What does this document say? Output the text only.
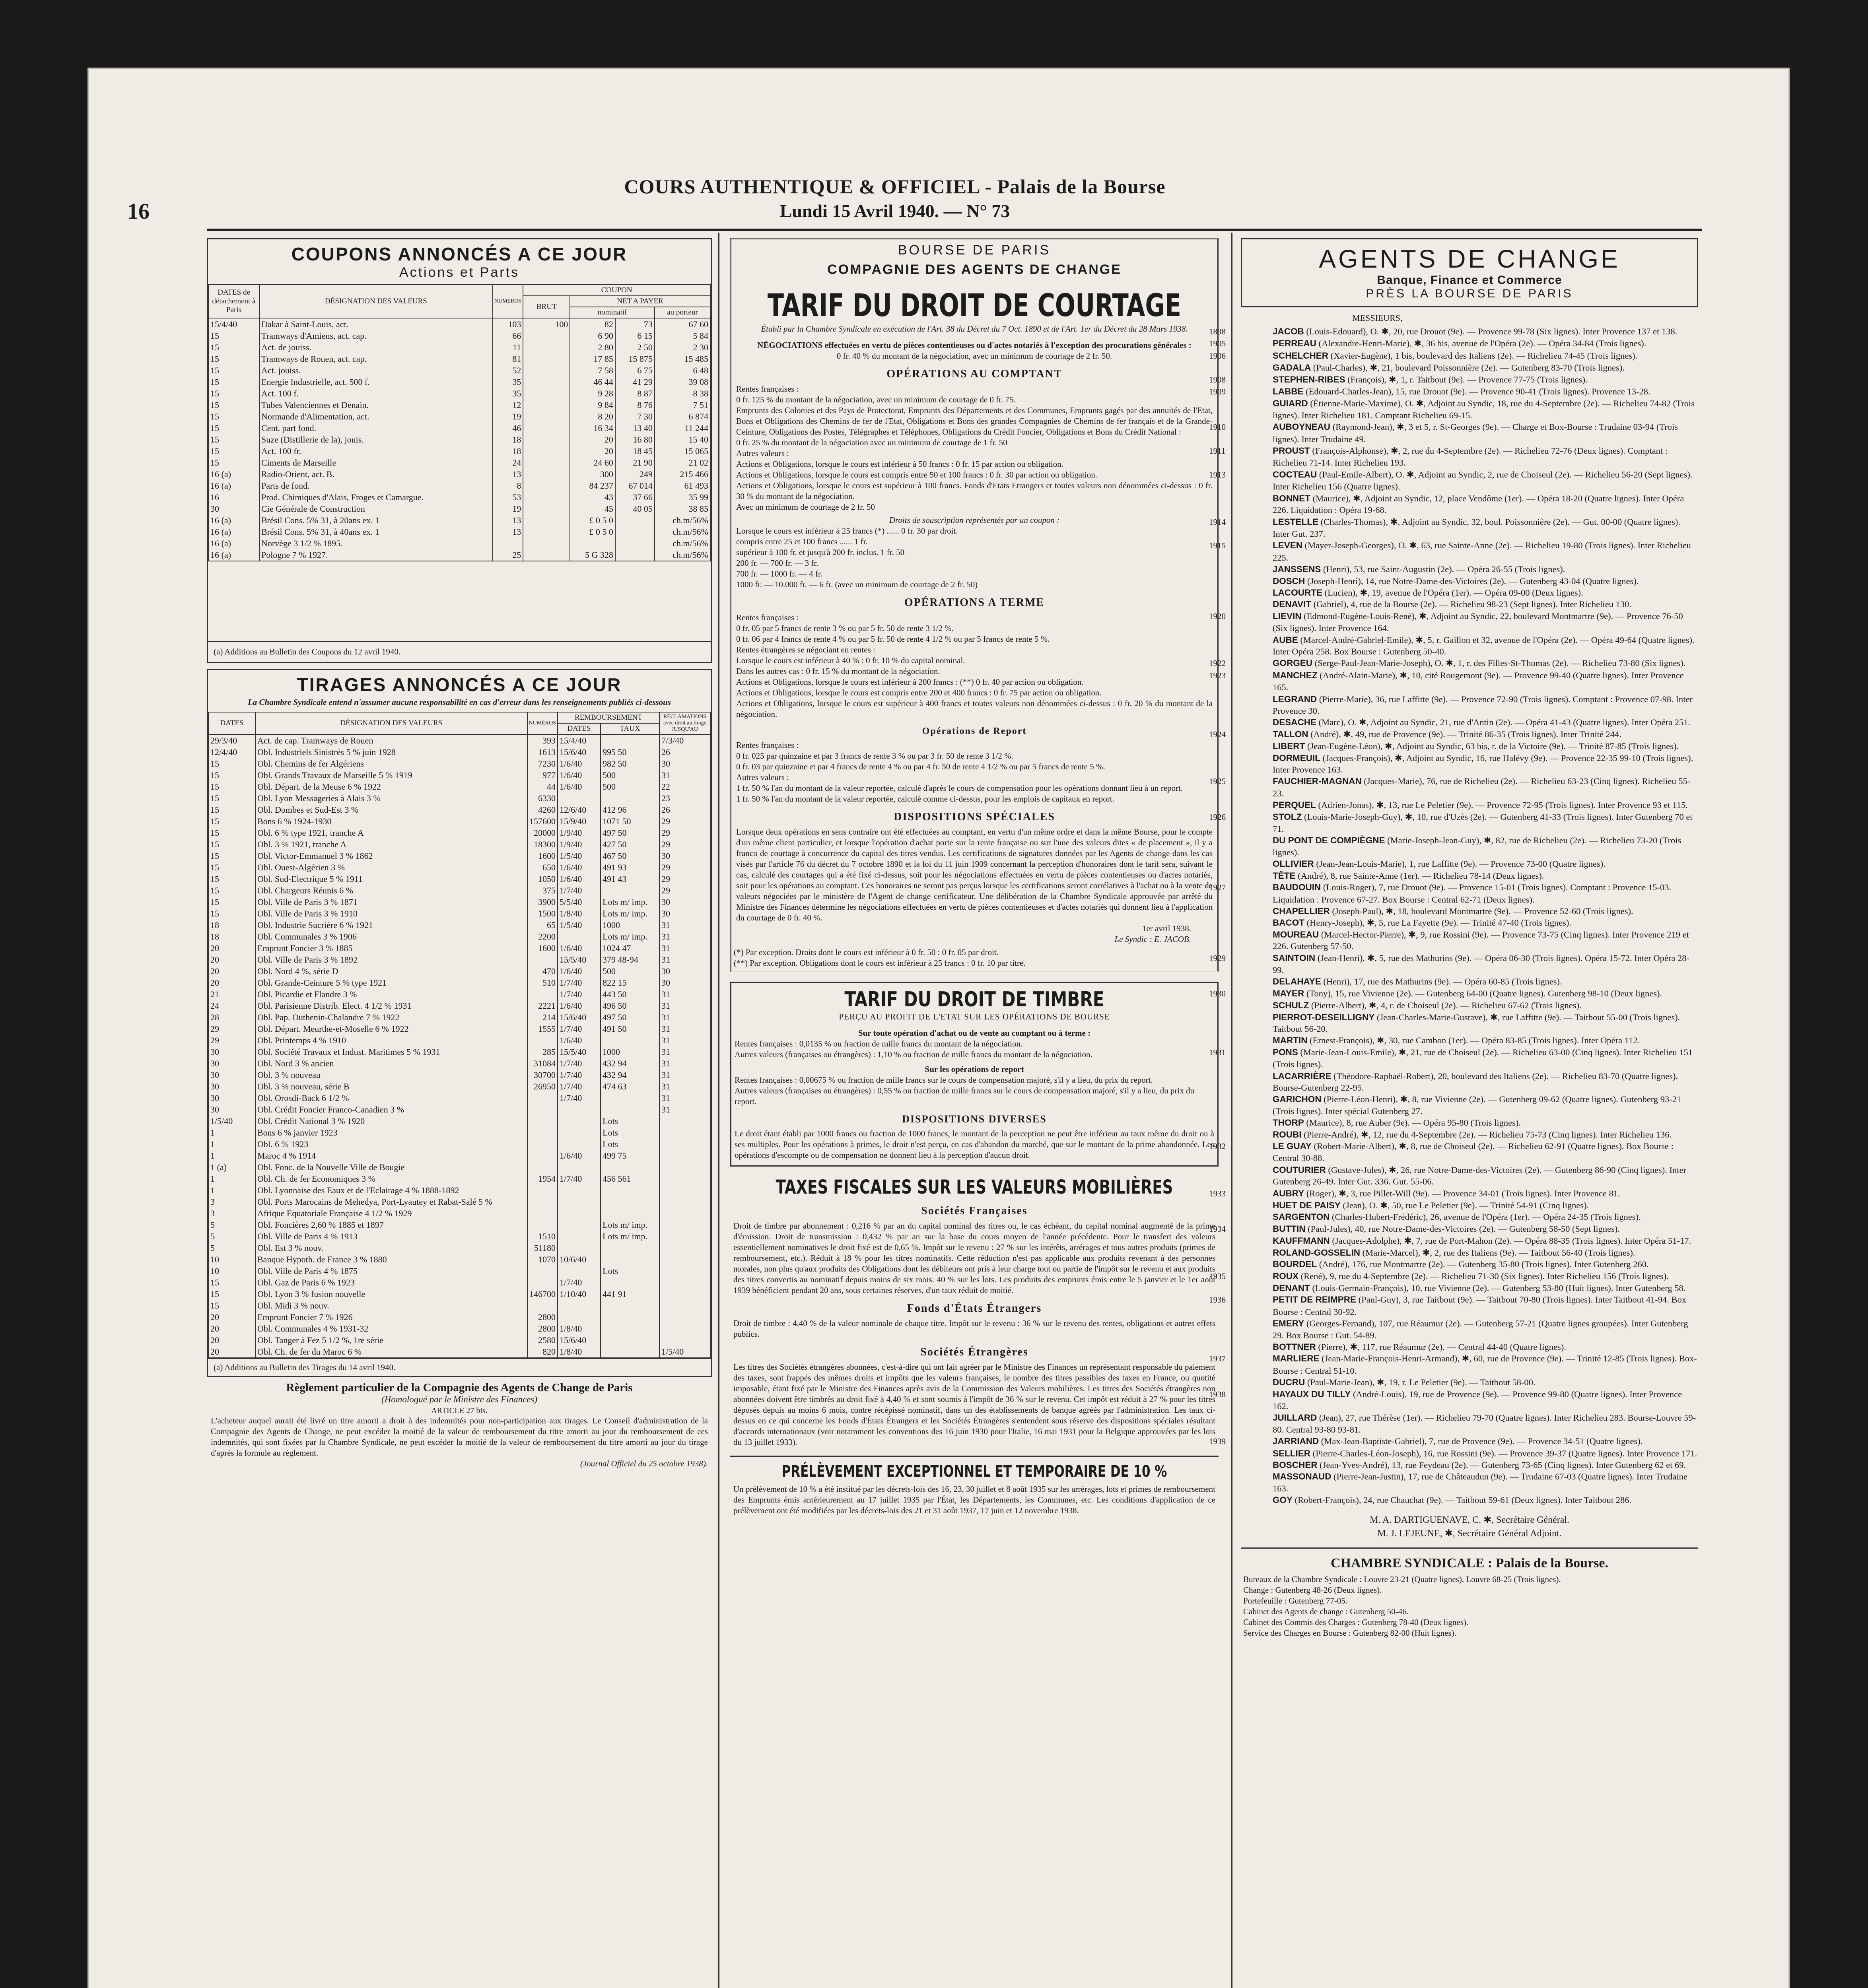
16
COURS AUTHENTIQUE & OFFICIEL - Palais de la Bourse
Lundi 15 Avril 1940. — N° 73
COUPONS ANNONCÉS A CE JOUR
Actions et Parts
DATES de détachement à Paris	DÉSIGNATION DES VALEURS	NUMÉROS	COUPON			
			BRUT	NET A PAYER		
				nominatif		au porteur
15/4/40	Dakar à Saint-Louis, act.	103	100	82	73	67 60
15	Tramways d'Amiens, act. cap.	66		6 90	6 15	5 84
15	Act. de jouiss.	11		2 80	2 50	2 30
15	Tramways de Rouen, act. cap.	81		17 85	15 875	15 485
15	Act. jouiss.	52		7 58	6 75	6 48
15	Energie Industrielle, act. 500 f.	35		46 44	41 29	39 08
15	Act. 100 f.	35		9 28	8 87	8 38
15	Tubes Valenciennes et Denain.	12		9 84	8 76	7 51
15	Normande d'Alimentation, act.	19		8 20	7 30	6 874
15	Cent. part fond.	46		16 34	13 40	11 244
15	Suze (Distillerie de la), jouis.	18		20	16 80	15 40
15	Act. 100 fr.	18		20	18 45	15 065
15	Ciments de Marseille	24		24 60	21 90	21 02
16 (a)	Radio-Orient, act. B.	13		300	249	215 466
16 (a)	Parts de fond.	8		84 237	67 014	61 493
16	Prod. Chimiques d'Alais, Froges et Camargue.	53		43	37 66	35 99
30	Cie Générale de Construction	19		45	40 05	38 85
16 (a)	Brésil Cons. 5% 31, à 20ans ex. 1	13		£ 0 5 0		ch.m/56%
16 (a)	Brésil Cons. 5% 31, à 40ans ex. 1	13		£ 0 5 0		ch.m/56%
16 (a)	Norvège 3 1/2 % 1895.					ch.m/56%
16 (a)	Pologne 7 % 1927.	25		5 G 328		ch.m/56%
(a) Additions au Bulletin des Coupons du 12 avril 1940.
TIRAGES ANNONCÉS A CE JOUR
La Chambre Syndicale entend n'assumer aucune responsabilité en cas d'erreur dans les renseignements publiés ci-dessous
DATES	DÉSIGNATION DES VALEURS	NUMÉROS	REMBOURSEMENT		RÉCLAMATIONS avec droit au tirage JUSQU'AU
			DATES	TAUX	
29/3/40	Act. de cap. Tramways de Rouen	393	15/4/40		7/3/40
12/4/40	Obl. Industriels Sinistrés 5 % juin 1928	1613	15/6/40	995 50	26
15	Obl. Chemins de fer Algériens	7230	1/6/40	982 50	30
15	Obl. Grands Travaux de Marseille 5 % 1919	977	1/6/40	500	31
15	Obl. Départ. de la Meuse 6 % 1922	44	1/6/40	500	22
15	Obl. Lyon Messageries à Alais 3 %	6330			23
15	Obl. Dombes et Sud-Est 3 %	4260	12/6/40	412 96	26
15	Bons 6 % 1924-1930	157600	15/9/40	1071 50	29
15	Obl. 6 % type 1921, tranche A	20000	1/9/40	497 50	29
15	Obl. 3 % 1921, tranche A	18300	1/9/40	427 50	29
15	Obl. Victor-Emmanuel 3 % 1862	1600	1/5/40	467 50	30
15	Obl. Ouest-Algérien 3 %	650	1/6/40	491 93	29
15	Obl. Sud-Electrique 5 % 1911	1050	1/6/40	491 43	29
15	Obl. Chargeurs Réunis 6 %	375	1/7/40		29
15	Obl. Ville de Paris 3 % 1871	3900	5/5/40	Lots m/ imp.	30
15	Obl. Ville de Paris 3 % 1910	1500	1/8/40	Lots m/ imp.	30
18	Obl. Industrie Sucrière 6 % 1921	65	1/5/40	1000	31
18	Obl. Communales 3 % 1906	2200		Lots m/ imp.	31
20	Emprunt Foncier 3 % 1885	1600	1/6/40	1024 47	31
20	Obl. Ville de Paris 3 % 1892		15/5/40	379 48-94	31
20	Obl. Nord 4 %, série D	470	1/6/40	500	30
20	Obl. Grande-Ceinture 5 % type 1921	510	1/7/40	822 15	30
21	Obl. Picardie et Flandre 3 %		1/7/40	443 50	31
24	Obl. Parisienne Distrib. Elect. 4 1/2 % 1931	2221	1/6/40	496 50	31
28	Obl. Pap. Outhenin-Chalandre 7 % 1922	214	15/6/40	497 50	31
29	Obl. Départ. Meurthe-et-Moselle 6 % 1922	1555	1/7/40	491 50	31
29	Obl. Printemps 4 % 1910		1/6/40		31
30	Obl. Société Travaux et Indust. Maritimes 5 % 1931	285	15/5/40	1000	31
30	Obl. Nord 3 % ancien	31084	1/7/40	432 94	31
30	Obl. 3 % nouveau	30700	1/7/40	432 94	31
30	Obl. 3 % nouveau, série B	26950	1/7/40	474 63	31
30	Obl. Orosdi-Back 6 1/2 %		1/7/40		31
30	Obl. Crédit Foncier Franco-Canadien 3 %				31
1/5/40	Obl. Crédit National 3 % 1920			Lots	
1	Bons 6 % janvier 1923			Lots	
1	Obl. 6 % 1923			Lots	
1	Maroc 4 % 1914		1/6/40	499 75	
1 (a)	Obl. Fonc. de la Nouvelle Ville de Bougie				
1	Obl. Ch. de fer Economiques 3 %	1954	1/7/40	456 561	
1	Obl. Lyonnaise des Eaux et de l'Eclairage 4 % 1888-1892				
3	Obl. Ports Marocains de Mehedya, Port-Lyautey et Rabat-Salé 5 %				
3	Afrique Equatoriale Française 4 1/2 % 1929				
5	Obl. Foncières 2,60 % 1885 et 1897			Lots m/ imp.	
5	Obl. Ville de Paris 4 % 1913	1510		Lots m/ imp.	
5	Obl. Est 3 % nouv.	51180			
10	Banque Hypoth. de France 3 % 1880	1070	10/6/40		
10	Obl. Ville de Paris 4 % 1875			Lots	
15	Obl. Gaz de Paris 6 % 1923		1/7/40		
15	Obl. Lyon 3 % fusion nouvelle	146700	1/10/40	441 91	
15	Obl. Midi 3 % nouv.				
20	Emprunt Foncier 7 % 1926	2800			
20	Obl. Communales 4 % 1931-32	2800	1/8/40		
20	Obl. Tanger à Fez 5 1/2 %, 1re série	2580	15/6/40		
20	Obl. Ch. de fer du Maroc 6 %	820	1/8/40		1/5/40
(a) Additions au Bulletin des Tirages du 14 avril 1940.
Règlement particulier de la Compagnie des Agents de Change de Paris
(Homologué par le Ministre des Finances)
ARTICLE 27 bis.
L'acheteur auquel aurait été livré un titre amorti a droit à des indemnités pour non-participation aux tirages. Le Conseil d'administration de la Compagnie des Agents de Change, ne peut excéder la moitié de la valeur de remboursement du titre amorti au jour du remboursement de ces indemnités, qui sont fixées par la Chambre Syndicale, ne peut excéder la moitié de la valeur de remboursement du titre amorti au jour du tirage d'après la formule au règlement.
(Journal Officiel du 25 octobre 1938).
BOURSE DE PARIS
COMPAGNIE DES AGENTS DE CHANGE
TARIF DU DROIT DE COURTAGE
Établi par la Chambre Syndicale en exécution de l'Art. 38 du Décret du 7 Oct. 1890 et de l'Art. 1er du Décret du 28 Mars 1938.
NÉGOCIATIONS effectuées en vertu de pièces contentieuses ou d'actes notariés à l'exception des procurations générales :
0 fr. 40 % du montant de la négociation, avec un minimum de courtage de 2 fr. 50.
OPÉRATIONS AU COMPTANT
Rentes françaises :
0 fr. 125 % du montant de la négociation, avec un minimum de courtage de 0 fr. 75.
Emprunts des Colonies et des Pays de Protectorat, Emprunts des Départements et des Communes, Emprunts gagés par des annuités de l'Etat, Bons et Obligations des Chemins de fer de l'Etat, Obligations et Bons des grandes Compagnies de Chemins de fer français et de la Grande-Ceinture, Obligations des Postes, Télégraphes et Téléphones, Obligations du Crédit Foncier, Obligations et Bons du Crédit National :
0 fr. 25 % du montant de la négociation avec un minimum de courtage de 1 fr. 50
Autres valeurs :
Actions et Obligations, lorsque le cours est inférieur à 50 francs : 0 fr. 15 par action ou obligation.
Actions et Obligations, lorsque le cours est compris entre 50 et 100 francs : 0 fr. 30 par action ou obligation.
Actions et Obligations, lorsque le cours est supérieur à 100 francs. Fonds d'Etats Etrangers et toutes valeurs non dénommées ci-dessus : 0 fr. 30 % du montant de la négociation.
Avec un minimum de courtage de 2 fr. 50
Droits de souscription représentés par un coupon :
Lorsque le cours est inférieur à 25 francs (*) ...... 0 fr. 30 par droit.
compris entre 25 et 100 francs ...... 1 fr.
supérieur à 100 fr. et jusqu'à 200 fr. inclus. 1 fr. 50
200 fr. — 700 fr. — 3 fr.
700 fr. — 1000 fr. — 4 fr.
1000 fr. — 10.000 fr. — 6 fr. (avec un minimum de courtage de 2 fr. 50)
OPÉRATIONS A TERME
Rentes françaises :
0 fr. 05 par 5 francs de rente 3 % ou par 5 fr. 50 de rente 3 1/2 %.
0 fr. 06 par 4 francs de rente 4 % ou par 5 fr. 50 de rente 4 1/2 % ou par 5 francs de rente 5 %.
Rentes étrangères se négociant en rentes :
Lorsque le cours est inférieur à 40 % : 0 fr. 10 % du capital nominal.
Dans les autres cas : 0 fr. 15 % du montant de la négociation.
Actions et Obligations, lorsque le cours est inférieur à 200 francs : (**) 0 fr. 40 par action ou obligation.
Actions et Obligations, lorsque le cours est compris entre 200 et 400 francs : 0 fr. 75 par action ou obligation.
Actions et Obligations, lorsque le cours est supérieur à 400 francs et toutes valeurs non dénommées ci-dessus : 0 fr. 20 % du montant de la négociation.
Opérations de Report
Rentes françaises :
0 fr. 025 par quinzaine et par 3 francs de rente 3 % ou par 3 fr. 50 de rente 3 1/2 %.
0 fr. 03 par quinzaine et par 4 francs de rente 4 % ou par 4 fr. 50 de rente 4 1/2 % ou par 5 francs de rente 5 %.
Autres valeurs :
1 fr. 50 % l'an du montant de la valeur reportée, calculé d'après le cours de compensation pour les opérations donnant lieu à un report.
1 fr. 50 % l'an du montant de la valeur reportée, calculé comme ci-dessus, pour les emplois de capitaux en report.
DISPOSITIONS SPÉCIALES
Lorsque deux opérations en sens contraire ont été effectuées au comptant, en vertu d'un même ordre et dans la même Bourse, pour le compte d'un même client particulier, et lorsque l'opération d'achat porte sur la rente française ou sur l'une des valeurs dites « de placement », il y a franco de courtage à concurrence du capital des titres vendus. Les certifications de signatures données par les Agents de change dans les cas visés par l'article 76 du décret du 7 octobre 1890 et la loi du 11 juin 1909 concernant la perception d'honoraires dont le tarif sera, suivant le cas, calculé des courtages qui a été fixé ci-dessus, soit pour les négociations effectuées en vertu de pièces contentieuses ou d'actes notariés, soit pour les opérations au comptant. Ces honoraires ne seront pas perçus lorsque les certifications seront corrélatives à l'achat ou à la vente de valeurs négociées par le ministère de l'Agent de change certificateur. Une délibération de la Chambre Syndicale approuvée par arrêté du Ministre des Finances détermine les négociations effectuées en vertu de pièces contentieuses et d'actes notariés qui donnent lieu à l'application du courtage de 0 fr. 40 %.
1er avril 1938.
Le Syndic : E. JACOB.
(*) Par exception. Droits dont le cours est inférieur à 0 fr. 50 : 0 fr. 05 par droit.
(**) Par exception. Obligations dont le cours est inférieur à 25 francs : 0 fr. 10 par titre.
TARIF DU DROIT DE TIMBRE
PERÇU AU PROFIT DE L'ETAT SUR LES OPÉRATIONS DE BOURSE
Sur toute opération d'achat ou de vente au comptant ou à terme :
Rentes françaises : 0,0135 % ou fraction de mille francs du montant de la négociation.
Autres valeurs (françaises ou étrangères) : 1,10 % ou fraction de mille francs du montant de la négociation.
Sur les opérations de report
Rentes françaises : 0,00675 % ou fraction de mille francs sur le cours de compensation majoré, s'il y a lieu, du prix du report.
Autres valeurs (françaises ou étrangères) : 0,55 % ou fraction de mille francs sur le cours de compensation majoré, s'il y a lieu, du prix du report.
DISPOSITIONS DIVERSES
Le droit étant établi par 1000 francs ou fraction de 1000 francs, le montant de la perception ne peut être inférieur au taux même du droit ou à ses multiples. Pour les opérations à primes, le droit n'est perçu, en cas d'abandon du marché, que sur le montant de la prime abandonnée. Les opérations d'escompte ou de compensation ne donnent lieu à la perception d'aucun droit.
TAXES FISCALES SUR LES VALEURS MOBILIÈRES
Sociétés Françaises
Droit de timbre par abonnement : 0,216 % par an du capital nominal des titres ou, le cas échéant, du capital nominal augmenté de la prime d'émission. Droit de transmission : 0,432 % par an sur la base du cours moyen de l'année précédente. Pour le transfert des valeurs essentiellement nominatives le droit fixé est de 0,65 %. Impôt sur le revenu : 27 % sur les intérêts, arrérages et tous autres produits (primes de remboursement, etc.). Réduit à 18 % pour les titres nominatifs. Cette réduction n'est pas applicable aux produits revenant à des personnes morales, non plus qu'aux produits des Obligations dont les débiteurs ont pris à leur charge tout ou partie de l'impôt sur le revenu et aux produits des titres convertis au nominatif depuis moins de six mois. 40 % sur les lots. Les produits des emprunts émis entre le 5 janvier et le 1er août 1939 bénéficient pendant 20 ans, sous certaines réserves, d'un taux réduit de moitié.
Fonds d'États Étrangers
Droit de timbre : 4,40 % de la valeur nominale de chaque titre. Impôt sur le revenu : 36 % sur le revenu des rentes, obligations et autres effets publics.
Sociétés Étrangères
Les titres des Sociétés étrangères abonnées, c'est-à-dire qui ont fait agréer par le Ministre des Finances un représentant responsable du paiement des taxes, sont frappés des mêmes droits et impôts que les valeurs françaises, le nombre des titres passibles des taxes en France, ou quotité imposable, étant fixé par le Ministre des Finances après avis de la Commission des Valeurs mobilières. Les titres des Sociétés étrangères non abonnées doivent être timbrés au droit fixé à 4,40 % et sont soumis à l'impôt de 36 % sur le revenu. Cet impôt est réduit à 27 % pour les titres déposés depuis au moins 6 mois, contre récépissé nominatif, dans un des établissements de banque agréés par l'administration. Les taux ci-dessus en ce qui concerne les Fonds d'États Étrangers et les Sociétés Étrangères s'entendent sous réserve des dispositions spéciales résultant d'accords internationaux (voir notamment les conventions des 16 juin 1930 pour l'Italie, 16 mai 1931 pour la Belgique approuvées par les lois du 13 juillet 1933).
PRÉLÈVEMENT EXCEPTIONNEL ET TEMPORAIRE DE 10 %
Un prélèvement de 10 % a été institué par les décrets-lois des 16, 23, 30 juillet et 8 août 1935 sur les arrérages, lots et primes de remboursement des Emprunts émis antérieurement au 17 juillet 1935 par l'État, les Départements, les Communes, etc. Les conditions d'application de ce prélèvement ont été modifiées par les décrets-lois des 21 et 31 août 1937, 17 juin et 12 novembre 1938.
AGENTS DE CHANGE
Banque, Finance et Commerce
PRÈS LA BOURSE DE PARIS
MESSIEURS,
1898	JACOB (Louis-Edouard), O. ✱, 20, rue Drouot (9e). — Provence 99-78 (Six lignes). Inter Provence 137 et 138.
1905	PERREAU (Alexandre-Henri-Marie), ✱, 36 bis, avenue de l'Opéra (2e). — Opéra 34-84 (Trois lignes).
1906	SCHELCHER (Xavier-Eugène), 1 bis, boulevard des Italiens (2e). — Richelieu 74-45 (Trois lignes).
GADALA (Paul-Charles), ✱, 21, boulevard Poissonnière (2e). — Gutenberg 83-70 (Trois lignes).
1908	STEPHEN-RIBES (François), ✱, 1, r. Taitbout (9e). — Provence 77-75 (Trois lignes).
1909	LABBE (Edouard-Charles-Jean), 15, rue Drouot (9e). — Provence 90-41 (Trois lignes). Provence 13-28.
GUIARD (Étienne-Marie-Maxime), O. ✱, Adjoint au Syndic, 18, rue du 4-Septembre (2e). — Richelieu 74-82 (Trois lignes). Inter Richelieu 181. Comptant Richelieu 69-15.
1910	AUBOYNEAU (Raymond-Jean), ✱, 3 et 5, r. St-Georges (9e). — Charge et Box-Bourse : Trudaine 03-94 (Trois lignes). Inter Trudaine 49.
1911	PROUST (François-Alphonse), ✱, 2, rue du 4-Septembre (2e). — Richelieu 72-76 (Deux lignes). Comptant : Richelieu 71-14. Inter Richelieu 193.
1913	COCTEAU (Paul-Emile-Albert), O. ✱, Adjoint au Syndic, 2, rue de Choiseul (2e). — Richelieu 56-20 (Sept lignes). Inter Richelieu 156 (Quatre lignes).
BONNET (Maurice), ✱, Adjoint au Syndic, 12, place Vendôme (1er). — Opéra 18-20 (Quatre lignes). Inter Opéra 226. Liquidation : Opéra 19-68.
1914	LESTELLE (Charles-Thomas), ✱, Adjoint au Syndic, 32, boul. Poissonnière (2e). — Gut. 00-00 (Quatre lignes). Inter Gut. 237.
1915	LEVEN (Mayer-Joseph-Georges), O. ✱, 63, rue Sainte-Anne (2e). — Richelieu 19-80 (Trois lignes). Inter Richelieu 225.
JANSSENS (Henri), 53, rue Saint-Augustin (2e). — Opéra 26-55 (Trois lignes).
DOSCH (Joseph-Henri), 14, rue Notre-Dame-des-Victoires (2e). — Gutenberg 43-04 (Quatre lignes).
LACOURTE (Lucien), ✱, 19, avenue de l'Opéra (1er). — Opéra 09-00 (Deux lignes).
DENAVIT (Gabriel), 4, rue de la Bourse (2e). — Richelieu 98-23 (Sept lignes). Inter Richelieu 130.
1920	LIEVIN (Edmond-Eugène-Louis-René), ✱, Adjoint au Syndic, 22, boulevard Montmartre (9e). — Provence 76-50 (Six lignes). Inter Provence 164.
AUBE (Marcel-André-Gabriel-Emile), ✱, 5, r. Gaillon et 32, avenue de l'Opéra (2e). — Opéra 49-64 (Quatre lignes). Inter Opéra 258. Box Bourse : Gutenberg 50-40.
1922	GORGEU (Serge-Paul-Jean-Marie-Joseph), O. ✱, 1, r. des Filles-St-Thomas (2e). — Richelieu 73-80 (Six lignes).
1923	MANCHEZ (André-Alain-Marie), ✱, 10, cité Rougemont (9e). — Provence 99-40 (Quatre lignes). Inter Provence 165.
LEGRAND (Pierre-Marie), 36, rue Laffitte (9e). — Provence 72-90 (Trois lignes). Comptant : Provence 07-98. Inter Provence 30.
DESACHE (Marc), O. ✱, Adjoint au Syndic, 21, rue d'Antin (2e). — Opéra 41-43 (Quatre lignes). Inter Opéra 251.
1924	TALLON (André), ✱, 49, rue de Provence (9e). — Trinité 86-35 (Trois lignes). Inter Trinité 244.
LIBERT (Jean-Eugène-Léon), ✱, Adjoint au Syndic, 63 bis, r. de la Victoire (9e). — Trinité 87-85 (Trois lignes).
DORMEUIL (Jacques-François), ✱, Adjoint au Syndic, 16, rue Halévy (9e). — Provence 22-35 99-10 (Trois lignes). Inter Provence 163.
1925	FAUCHIER-MAGNAN (Jacques-Marie), 76, rue de Richelieu (2e). — Richelieu 63-23 (Cinq lignes). Richelieu 55-23.
PERQUEL (Adrien-Jonas), ✱, 13, rue Le Peletier (9e). — Provence 72-95 (Trois lignes). Inter Provence 93 et 115.
1926	STOLZ (Louis-Marie-Joseph-Guy), ✱, 10, rue d'Uzès (2e). — Gutenberg 41-33 (Trois lignes). Inter Gutenberg 70 et 71.
DU PONT DE COMPIÈGNE (Marie-Joseph-Jean-Guy), ✱, 82, rue de Richelieu (2e). — Richelieu 73-20 (Trois lignes).
OLLIVIER (Jean-Jean-Louis-Marie), 1, rue Laffitte (9e). — Provence 73-00 (Quatre lignes).
TÊTE (André), 8, rue Sainte-Anne (1er). — Richelieu 78-14 (Deux lignes).
1927	BAUDOUIN (Louis-Roger), 7, rue Drouot (9e). — Provence 15-01 (Trois lignes). Comptant : Provence 15-03. Liquidation : Provence 67-27. Box Bourse : Central 62-71 (Deux lignes).
CHAPELLIER (Joseph-Paul), ✱, 18, boulevard Montmartre (9e). — Provence 52-60 (Trois lignes).
BACOT (Henry-Joseph), ✱, 5, rue La Fayette (9e). — Trinité 47-40 (Trois lignes).
MOUREAU (Marcel-Hector-Pierre), ✱, 9, rue Rossini (9e). — Provence 73-75 (Cinq lignes). Inter Provence 219 et 226. Gutenberg 57-50.
1929	SAINTOIN (Jean-Henri), ✱, 5, rue des Mathurins (9e). — Opéra 06-30 (Trois lignes). Opéra 15-72. Inter Opéra 28-99.
DELAHAYE (Henri), 17, rue des Mathurins (9e). — Opéra 60-85 (Trois lignes).
1930	MAYER (Tony), 15, rue Vivienne (2e). — Gutenberg 64-00 (Quatre lignes). Gutenberg 98-10 (Deux lignes).
SCHULZ (Pierre-Albert), ✱, 4, r. de Choiseul (2e). — Richelieu 67-62 (Trois lignes).
PIERROT-DESEILLIGNY (Jean-Charles-Marie-Gustave), ✱, rue Laffitte (9e). — Taitbout 55-00 (Trois lignes). Taitbout 56-20.
MARTIN (Ernest-François), ✱, 30, rue Cambon (1er). — Opéra 83-85 (Trois lignes). Inter Opéra 112.
1931	PONS (Marie-Jean-Louis-Emile), ✱, 21, rue de Choiseul (2e). — Richelieu 63-00 (Cinq lignes). Inter Richelieu 151 (Trois lignes).
LACARRIÈRE (Théodore-Raphaël-Robert), 20, boulevard des Italiens (2e). — Richelieu 83-70 (Quatre lignes). Bourse-Gutenberg 22-95.
GARICHON (Pierre-Léon-Henri), ✱, 8, rue Vivienne (2e). — Gutenberg 09-62 (Quatre lignes). Gutenberg 93-21 (Trois lignes). Inter spécial Gutenberg 27.
THORP (Maurice), 8, rue Auber (9e). — Opéra 95-80 (Trois lignes).
ROUBI (Pierre-André), ✱, 12, rue du 4-Septembre (2e). — Richelieu 75-73 (Cinq lignes). Inter Richelieu 136.
1932	LE GUAY (Robert-Marie-Albert), ✱, 8, rue de Choiseul (2e). — Richelieu 62-91 (Quatre lignes). Box Bourse : Central 30-88.
COUTURIER (Gustave-Jules), ✱, 26, rue Notre-Dame-des-Victoires (2e). — Gutenberg 86-90 (Cinq lignes). Inter Gutenberg 26-49. Inter Gut. 336. Gut. 55-06.
1933	AUBRY (Roger), ✱, 3, rue Pillet-Will (9e). — Provence 34-01 (Trois lignes). Inter Provence 81.
HUET DE PAISY (Jean), O. ✱, 50, rue Le Peletier (9e). — Trinité 54-91 (Cinq lignes).
SARGENTON (Charles-Hubert-Frédéric), 26, avenue de l'Opéra (1er). — Opéra 24-35 (Trois lignes).
1934	BUTTIN (Paul-Jules), 40, rue Notre-Dame-des-Victoires (2e). — Gutenberg 58-50 (Sept lignes).
KAUFFMANN (Jacques-Adolphe), ✱, 7, rue de Port-Mahon (2e). — Opéra 88-35 (Trois lignes). Inter Opéra 51-17.
ROLAND-GOSSELIN (Marie-Marcel), ✱, 2, rue des Italiens (9e). — Taitbout 56-40 (Trois lignes).
BOURDEL (André), 176, rue Montmartre (2e). — Gutenberg 35-80 (Trois lignes). Inter Gutenberg 260.
1935	ROUX (René), 9, rue du 4-Septembre (2e). — Richelieu 71-30 (Six lignes). Inter Richelieu 156 (Trois lignes).
DENANT (Louis-Germain-François), 10, rue Vivienne (2e). — Gutenberg 53-80 (Huit lignes). Inter Gutenberg 58.
1936	PETIT DE REIMPRE (Paul-Guy), 3, rue Taitbout (9e). — Taitbout 70-80 (Trois lignes). Inter Taitbout 41-94. Box Bourse : Central 30-92.
EMERY (Georges-Fernand), 107, rue Réaumur (2e). — Gutenberg 57-21 (Quatre lignes groupées). Inter Gutenberg 29. Box Bourse : Gut. 54-89.
BOTTNER (Pierre), ✱, 117, rue Réaumur (2e). — Central 44-40 (Quatre lignes).
1937	MARLIERE (Jean-Marie-François-Henri-Armand), ✱, 60, rue de Provence (9e). — Trinité 12-85 (Trois lignes). Box-Bourse : Central 51-10.
DUCRU (Paul-Marie-Jean), ✱, 19, r. Le Peletier (9e). — Taitbout 58-00.
1938	HAYAUX DU TILLY (André-Louis), 19, rue de Provence (9e). — Provence 99-80 (Quatre lignes). Inter Provence 162.
JUILLARD (Jean), 27, rue Thérèse (1er). — Richelieu 79-70 (Quatre lignes). Inter Richelieu 283. Bourse-Louvre 59-80. Central 93-80 93-81.
1939	JARRIAND (Max-Jean-Baptiste-Gabriel), 7, rue de Provence (9e). — Provence 34-51 (Quatre lignes).
SELLIER (Pierre-Charles-Léon-Joseph), 16, rue Rossini (9e). — Provence 39-37 (Quatre lignes). Inter Provence 171.
BOSCHER (Jean-Yves-André), 13, rue Feydeau (2e). — Gutenberg 73-65 (Cinq lignes). Inter Gutenberg 62 et 69.
MASSONAUD (Pierre-Jean-Justin), 17, rue de Châteaudun (9e). — Trudaine 67-03 (Quatre lignes). Inter Trudaine 163.
GOY (Robert-François), 24, rue Chauchat (9e). — Taitbout 59-61 (Deux lignes). Inter Taitbout 286.
M. A. DARTIGUENAVE, C. ✱, Secrétaire Général.
M. J. LEJEUNE, ✱, Secrétaire Général Adjoint.
CHAMBRE SYNDICALE : Palais de la Bourse.
Bureaux de la Chambre Syndicale : Louvre 23-21 (Quatre lignes). Louvre 68-25 (Trois lignes).
Change : Gutenberg 48-26 (Deux lignes).
Portefeuille : Gutenberg 77-05.
Cabinet des Agents de change : Gutenberg 50-46.
Cabinet des Commis des Charges : Gutenberg 78-40 (Deux lignes).
Service des Charges en Bourse : Gutenberg 82-00 (Huit lignes).
